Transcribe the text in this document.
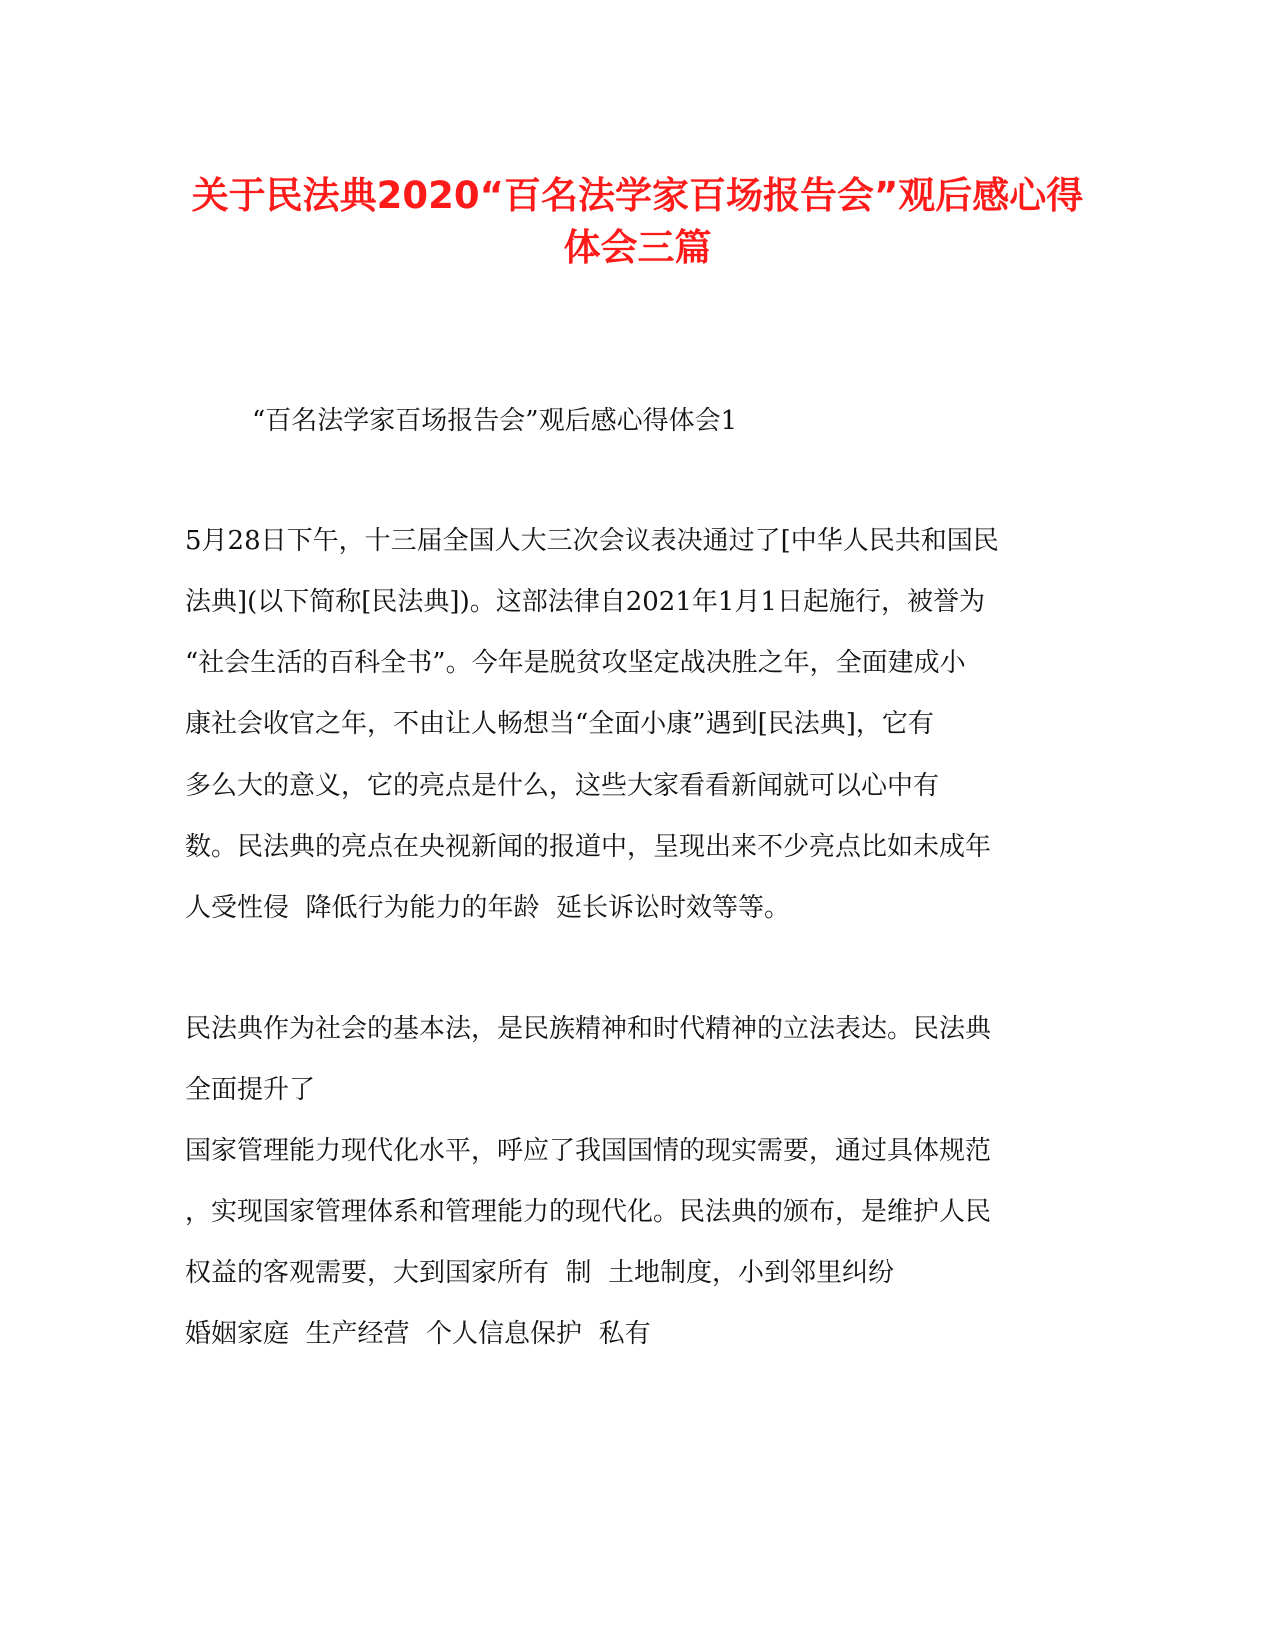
关于民法典2020“百名法学家百场报告会”观后感心得
体会三篇

“百名法学家百场报告会”观后感心得体会1

5月28日下午，十三届全国人大三次会议表决通过了[中华人民共和国民

法典](以下简称[民法典])。这部法律自2021年1月1日起施行，被誉为

“社会生活的百科全书”。今年是脱贫攻坚定战决胜之年，全面建成小

康社会收官之年，不由让人畅想当“全面小康”遇到[民法典]，它有

多么大的意义，它的亮点是什么，这些大家看看新闻就可以心中有

数。民法典的亮点在央视新闻的报道中，呈现出来不少亮点比如未成年

人受性侵  降低行为能力的年龄  延长诉讼时效等等。

民法典作为社会的基本法，是民族精神和时代精神的立法表达。民法典

全面提升了

国家管理能力现代化水平，呼应了我国国情的现实需要，通过具体规范

，实现国家管理体系和管理能力的现代化。民法典的颁布，是维护人民

权益的客观需要，大到国家所有  制  土地制度，小到邻里纠纷

婚姻家庭  生产经营  个人信息保护  私有
